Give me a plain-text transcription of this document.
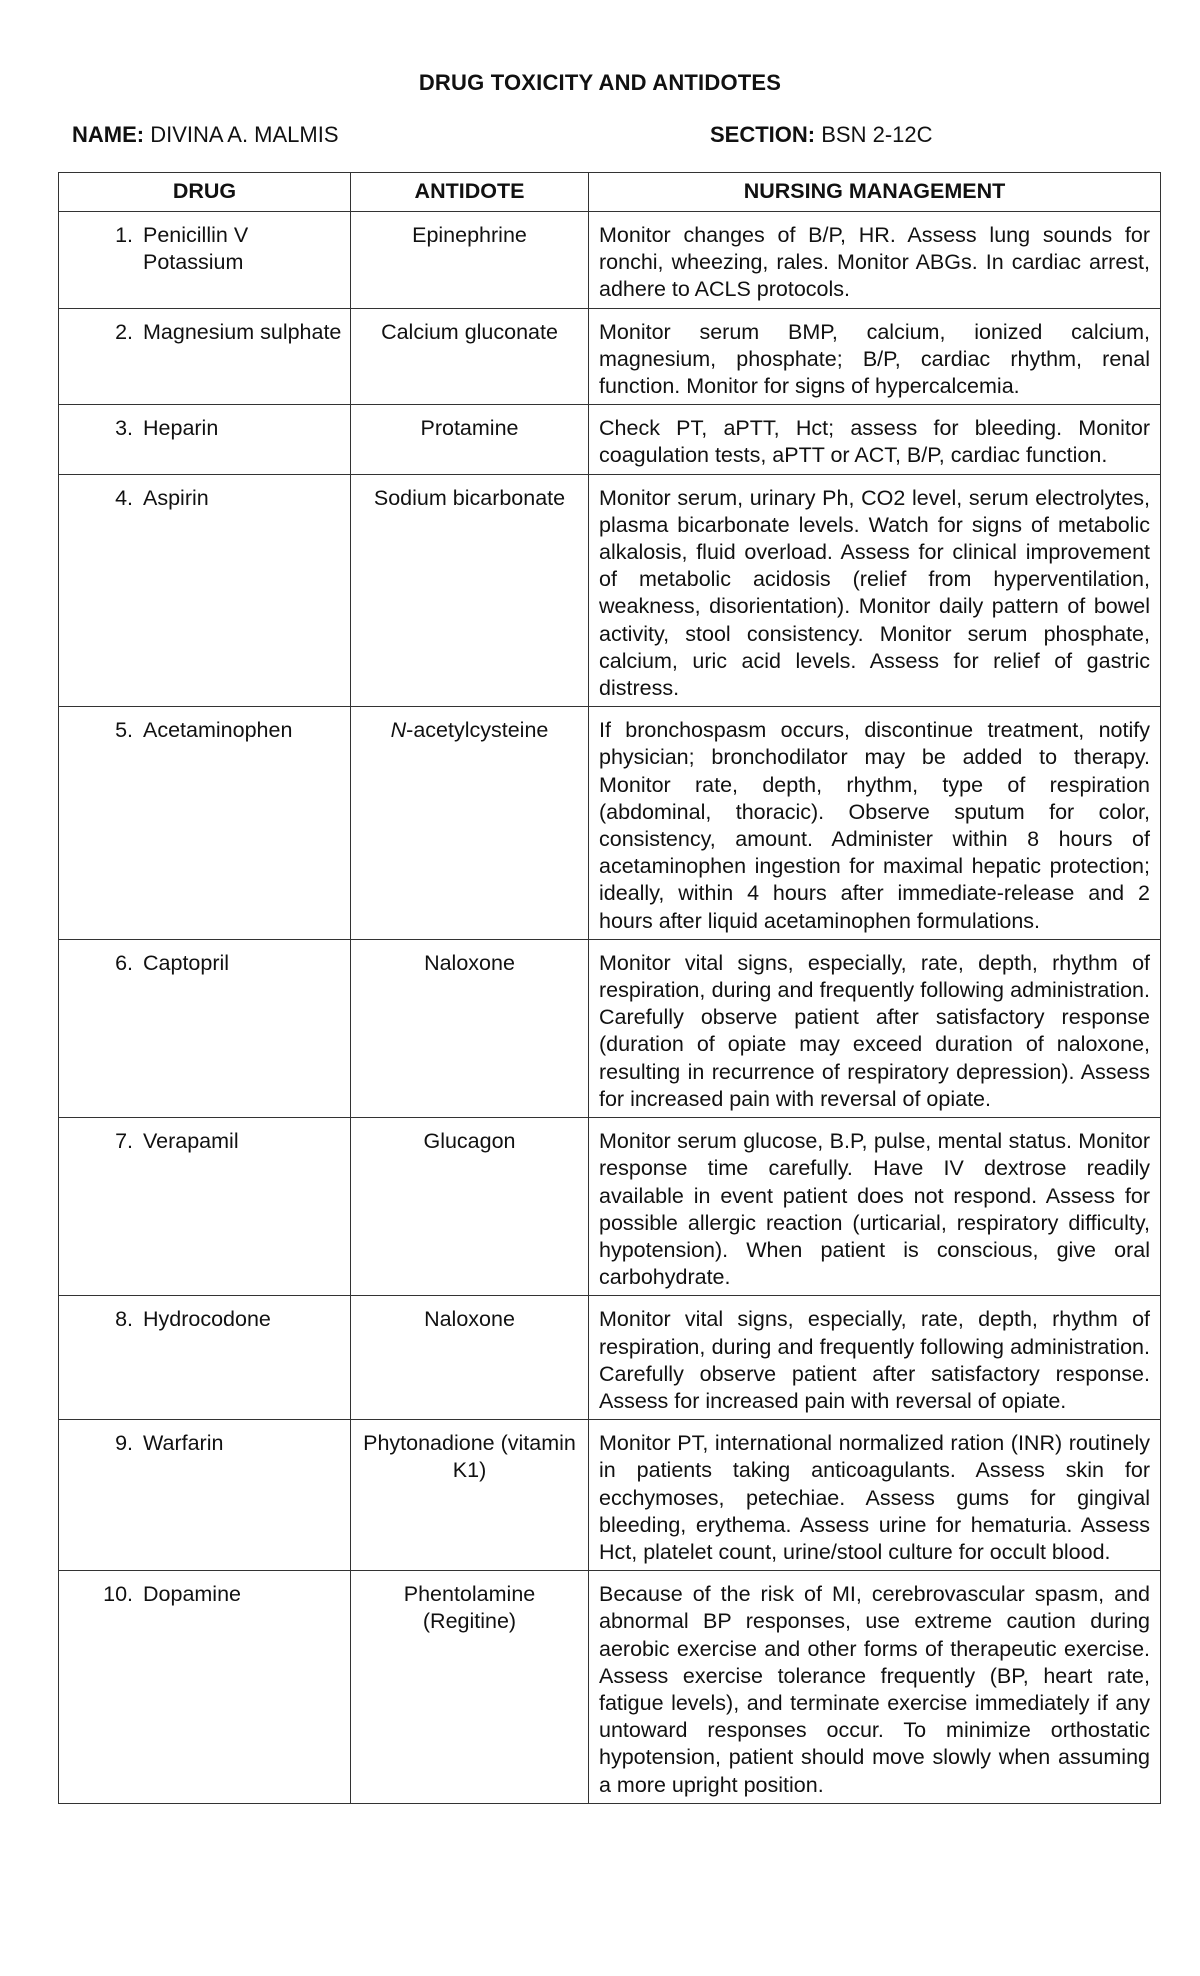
DRUG TOXICITY AND ANTIDOTES
NAME: DIVINA A. MALMIS	SECTION: BSN 2-12C
DRUG	ANTIDOTE	NURSING MANAGEMENT

1. Penicillin V Potassium	Epinephrine	Monitor changes of B/P, HR. Assess lung sounds for ronchi, wheezing, rales. Monitor ABGs. In cardiac arrest, adhere to ACLS protocols.

2. Magnesium sulphate	Calcium gluconate	Monitor serum BMP, calcium, ionized calcium, magnesium, phosphate; B/P, cardiac rhythm, renal function. Monitor for signs of hypercalcemia.

3. Heparin	Protamine	Check PT, aPTT, Hct; assess for bleeding. Monitor coagulation tests, aPTT or ACT, B/P, cardiac function.

4. Aspirin	Sodium bicarbonate	Monitor serum, urinary Ph, CO2 level, serum electrolytes, plasma bicarbonate levels. Watch for signs of metabolic alkalosis, fluid overload. Assess for clinical improvement of metabolic acidosis (relief from hyperventilation, weakness, disorientation). Monitor daily pattern of bowel activity, stool consistency. Monitor serum phosphate, calcium, uric acid levels. Assess for relief of gastric distress.

5. Acetaminophen	N-acetylcysteine	If bronchospasm occurs, discontinue treatment, notify physician; bronchodilator may be added to therapy. Monitor rate, depth, rhythm, type of respiration (abdominal, thoracic). Observe sputum for color, consistency, amount. Administer within 8 hours of acetaminophen ingestion for maximal hepatic protection; ideally, within 4 hours after immediate-release and 2 hours after liquid acetaminophen formulations.

6. Captopril	Naloxone	Monitor vital signs, especially, rate, depth, rhythm of respiration, during and frequently following administration. Carefully observe patient after satisfactory response (duration of opiate may exceed duration of naloxone, resulting in recurrence of respiratory depression). Assess for increased pain with reversal of opiate.

7. Verapamil	Glucagon	Monitor serum glucose, B.P, pulse, mental status. Monitor response time carefully. Have IV dextrose readily available in event patient does not respond. Assess for possible allergic reaction (urticarial, respiratory difficulty, hypotension). When patient is conscious, give oral carbohydrate.

8. Hydrocodone	Naloxone	Monitor vital signs, especially, rate, depth, rhythm of respiration, during and frequently following administration. Carefully observe patient after satisfactory response. Assess for increased pain with reversal of opiate.

9. Warfarin	Phytonadione (vitamin K1)	Monitor PT, international normalized ration (INR) routinely in patients taking anticoagulants. Assess skin for ecchymoses, petechiae. Assess gums for gingival bleeding, erythema. Assess urine for hematuria. Assess Hct, platelet count, urine/stool culture for occult blood.

10. Dopamine	Phentolamine (Regitine)	Because of the risk of MI, cerebrovascular spasm, and abnormal BP responses, use extreme caution during aerobic exercise and other forms of therapeutic exercise. Assess exercise tolerance frequently (BP, heart rate, fatigue levels), and terminate exercise immediately if any untoward responses occur. To minimize orthostatic hypotension, patient should move slowly when assuming a more upright position.
